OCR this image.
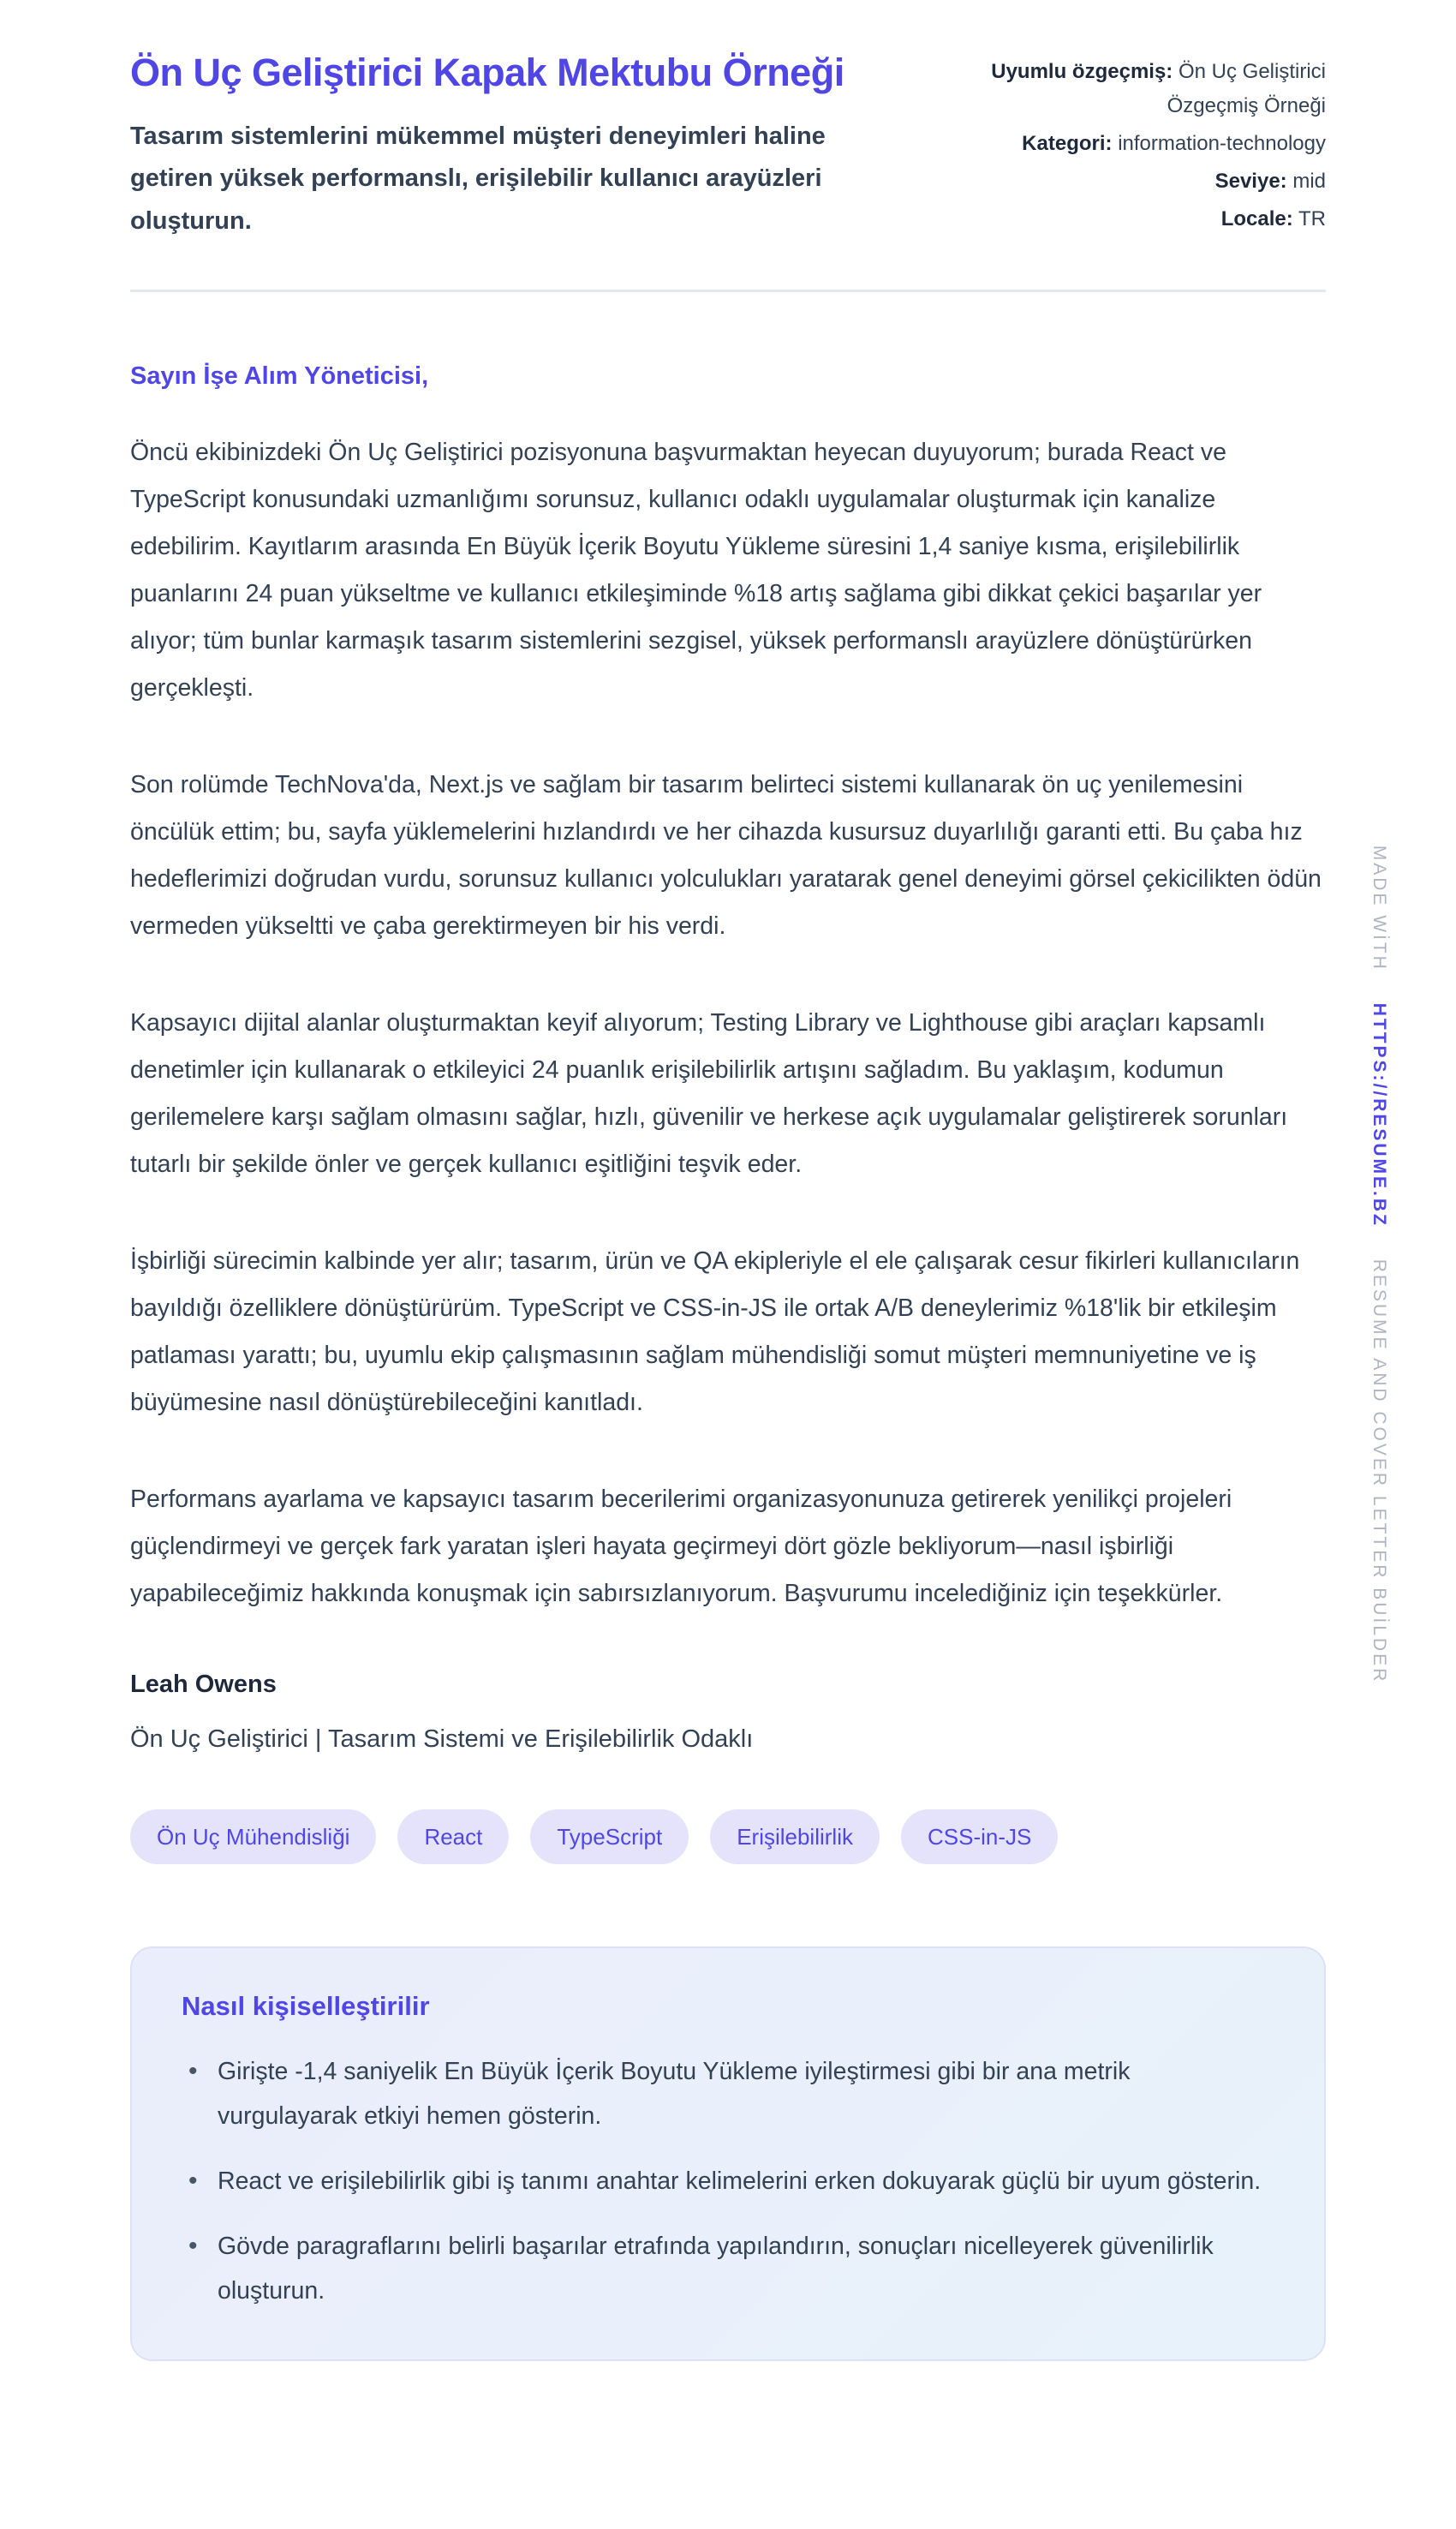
Ön Uç Geliştirici Kapak Mektubu Örneği

Tasarım sistemlerini mükemmel müşteri deneyimleri haline getiren yüksek performanslı, erişilebilir kullanıcı arayüzleri oluşturun.

Uyumlu özgeçmiş: Ön Uç Geliştirici Özgeçmiş Örneği
Kategori: information-technology
Seviye: mid
Locale: TR

Sayın İşe Alım Yöneticisi,

Öncü ekibinizdeki Ön Uç Geliştirici pozisyonuna başvurmaktan heyecan duyuyorum; burada React ve TypeScript konusundaki uzmanlığımı sorunsuz, kullanıcı odaklı uygulamalar oluşturmak için kanalize edebilirim. Kayıtlarım arasında En Büyük İçerik Boyutu Yükleme süresini 1,4 saniye kısma, erişilebilirlik puanlarını 24 puan yükseltme ve kullanıcı etkileşiminde %18 artış sağlama gibi dikkat çekici başarılar yer alıyor; tüm bunlar karmaşık tasarım sistemlerini sezgisel, yüksek performanslı arayüzlere dönüştürürken gerçekleşti.

Son rolümde TechNova'da, Next.js ve sağlam bir tasarım belirteci sistemi kullanarak ön uç yenilemesini öncülük ettim; bu, sayfa yüklemelerini hızlandırdı ve her cihazda kusursuz duyarlılığı garanti etti. Bu çaba hız hedeflerimizi doğrudan vurdu, sorunsuz kullanıcı yolculukları yaratarak genel deneyimi görsel çekicilikten ödün vermeden yükseltti ve çaba gerektirmeyen bir his verdi.

Kapsayıcı dijital alanlar oluşturmaktan keyif alıyorum; Testing Library ve Lighthouse gibi araçları kapsamlı denetimler için kullanarak o etkileyici 24 puanlık erişilebilirlik artışını sağladım. Bu yaklaşım, kodumun gerilemelere karşı sağlam olmasını sağlar, hızlı, güvenilir ve herkese açık uygulamalar geliştirerek sorunları tutarlı bir şekilde önler ve gerçek kullanıcı eşitliğini teşvik eder.

İşbirliği sürecimin kalbinde yer alır; tasarım, ürün ve QA ekipleriyle el ele çalışarak cesur fikirleri kullanıcıların bayıldığı özelliklere dönüştürürüm. TypeScript ve CSS-in-JS ile ortak A/B deneylerimiz %18'lik bir etkileşim patlaması yarattı; bu, uyumlu ekip çalışmasının sağlam mühendisliği somut müşteri memnuniyetine ve iş büyümesine nasıl dönüştürebileceğini kanıtladı.

Performans ayarlama ve kapsayıcı tasarım becerilerimi organizasyonunuza getirerek yenilikçi projeleri güçlendirmeyi ve gerçek fark yaratan işleri hayata geçirmeyi dört gözle bekliyorum—nasıl işbirliği yapabileceğimiz hakkında konuşmak için sabırsızlanıyorum. Başvurumu incelediğiniz için teşekkürler.

Leah Owens

Ön Uç Geliştirici | Tasarım Sistemi ve Erişilebilirlik Odaklı

Ön Uç Mühendisliği	React	TypeScript	Erişilebilirlik	CSS-in-JS
Nasıl kişiselleştirilir
• Girişte -1,4 saniyelik En Büyük İçerik Boyutu Yükleme iyileştirmesi gibi bir ana metrik vurgulayarak etkiyi hemen gösterin.
• React ve erişilebilirlik gibi iş tanımı anahtar kelimelerini erken dokuyarak güçlü bir uyum gösterin.
• Gövde paragraflarını belirli başarılar etrafında yapılandırın, sonuçları nicelleyerek güvenilirlik oluşturun.
MADE WİTH HTTPS://RESUME.BZ RESUME AND COVER LETTER BUİLDER
